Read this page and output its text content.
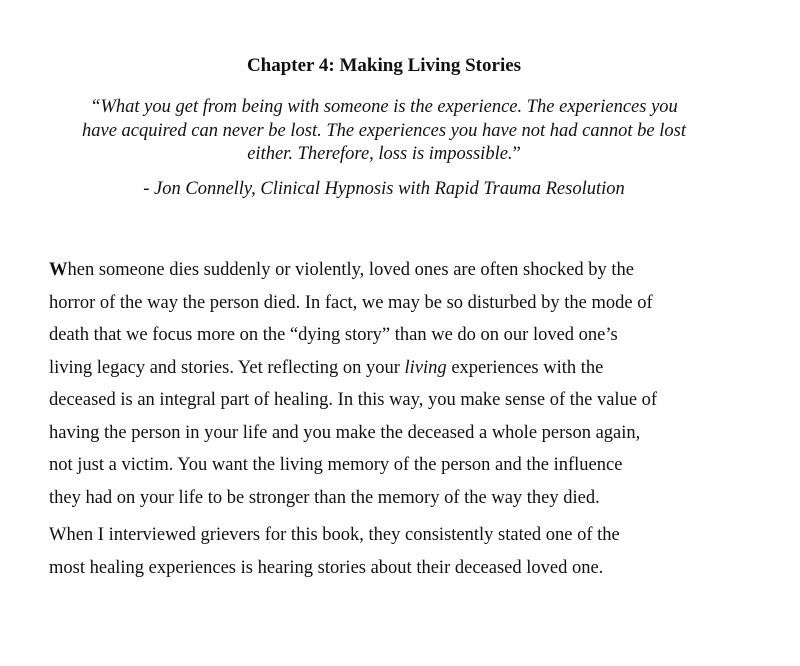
Chapter 4: Making Living Stories
“What you get from being with someone is the experience. The experiences you
have acquired can never be lost. The experiences you have not had cannot be lost
either. Therefore, loss is impossible.”
- Jon Connelly, Clinical Hypnosis with Rapid Trauma Resolution

When someone dies suddenly or violently, loved ones are often shocked by the
horror of the way the person died. In fact, we may be so disturbed by the mode of
death that we focus more on the “dying story” than we do on our loved one’s
living legacy and stories. Yet reflecting on your living experiences with the
deceased is an integral part of healing. In this way, you make sense of the value of
having the person in your life and you make the deceased a whole person again,
not just a victim. You want the living memory of the person and the influence
they had on your life to be stronger than the memory of the way they died.

When I interviewed grievers for this book, they consistently stated one of the
most healing experiences is hearing stories about their deceased loved one.
